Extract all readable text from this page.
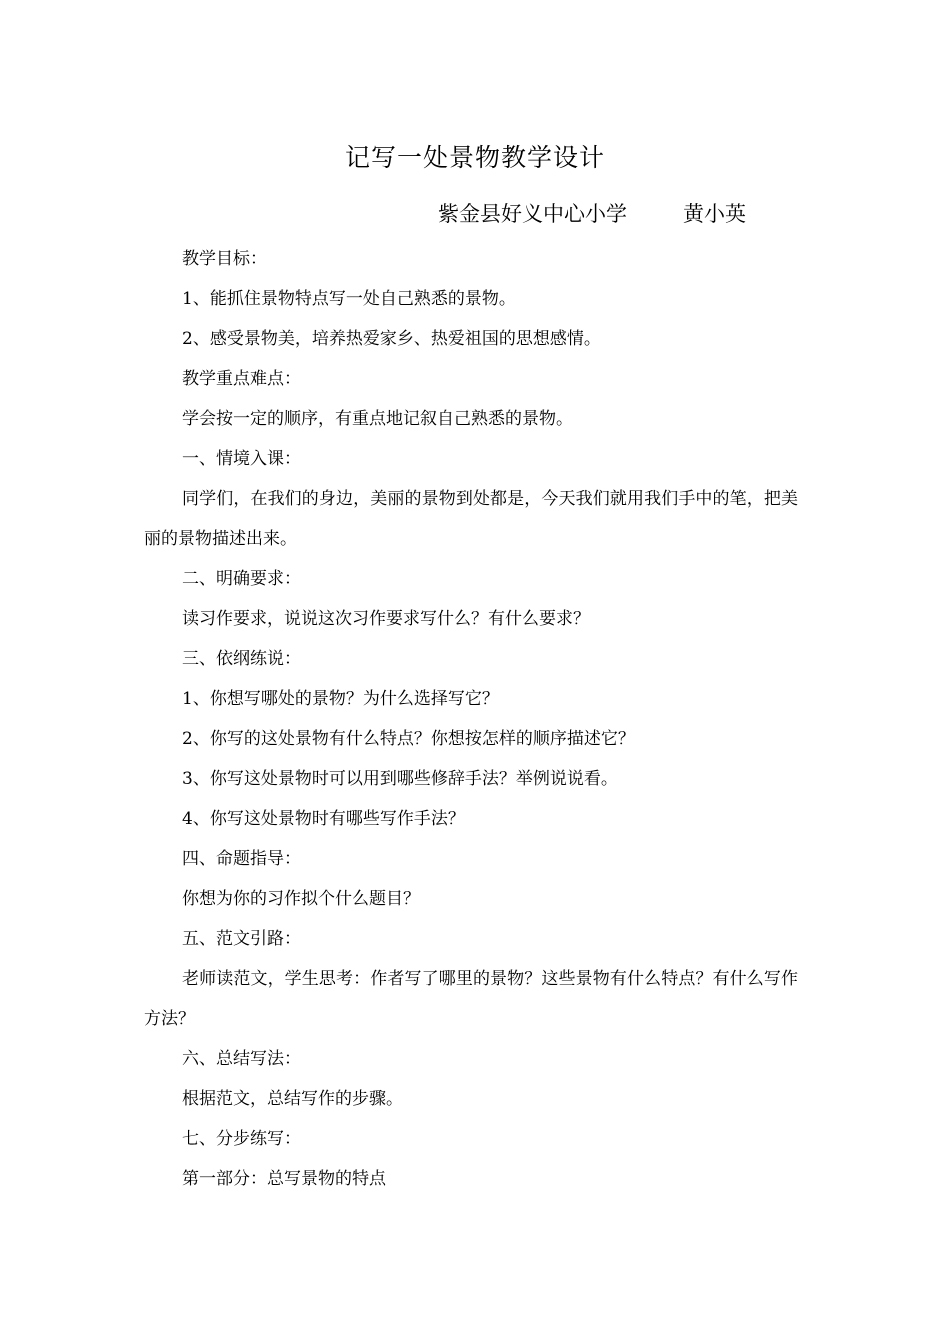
记写一处景物教学设计
紫金县好义中心小学	黄小英

教学目标：

1、能抓住景物特点写一处自己熟悉的景物。

2、感受景物美，培养热爱家乡、热爱祖国的思想感情。

教学重点难点：

学会按一定的顺序，有重点地记叙自己熟悉的景物。

一、情境入课：

同学们，在我们的身边，美丽的景物到处都是，今天我们就用我们手中的笔，把美丽的景物描述出来。

二、明确要求：

读习作要求，说说这次习作要求写什么？有什么要求？

三、依纲练说：

1、你想写哪处的景物？为什么选择写它？

2、你写的这处景物有什么特点？你想按怎样的顺序描述它？

3、你写这处景物时可以用到哪些修辞手法？举例说说看。

4、你写这处景物时有哪些写作手法？

四、命题指导：

你想为你的习作拟个什么题目？

五、范文引路：

老师读范文，学生思考：作者写了哪里的景物？这些景物有什么特点？有什么写作方法？

六、总结写法：

根据范文，总结写作的步骤。

七、分步练写：

第一部分：总写景物的特点
